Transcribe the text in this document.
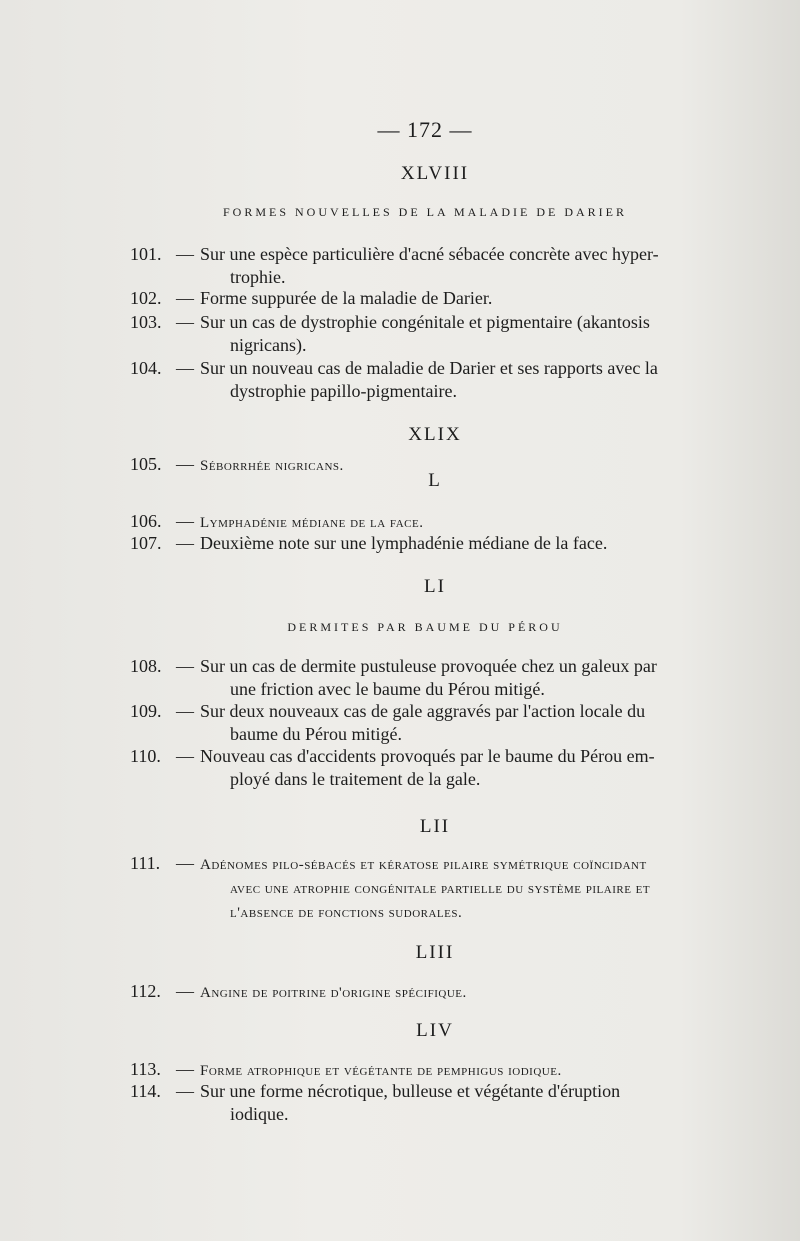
— 172 —
XLVIII
FORMES NOUVELLES DE LA MALADIE DE DARIER
101. — Sur une espèce particulière d'acné sébacée concrète avec hyper-
trophie.
102. — Forme suppurée de la maladie de Darier.
103. — Sur un cas de dystrophie congénitale et pigmentaire (akantosis
nigricans).
104. — Sur un nouveau cas de maladie de Darier et ses rapports avec la
dystrophie papillo-pigmentaire.
XLIX
105. — Séborrhée nigricans.
L
106. — Lymphadénie médiane de la face.
107. — Deuxième note sur une lymphadénie médiane de la face.
LI
DERMITES PAR BAUME DU PÉROU
108. — Sur un cas de dermite pustuleuse provoquée chez un galeux par
une friction avec le baume du Pérou mitigé.
109. — Sur deux nouveaux cas de gale aggravés par l'action locale du
baume du Pérou mitigé.
110. — Nouveau cas d'accidents provoqués par le baume du Pérou em-
ployé dans le traitement de la gale.
LII
111. — Adénomes pilo-sébacés et kératose pilaire symétrique coïncidant
avec une atrophie congénitale partielle du système pilaire et
l'absence de fonctions sudorales.
LIII
112. — Angine de poitrine d'origine spécifique.
LIV
113. — Forme atrophique et végétante de pemphigus iodique.
114. — Sur une forme nécrotique, bulleuse et végétante d'éruption
iodique.
